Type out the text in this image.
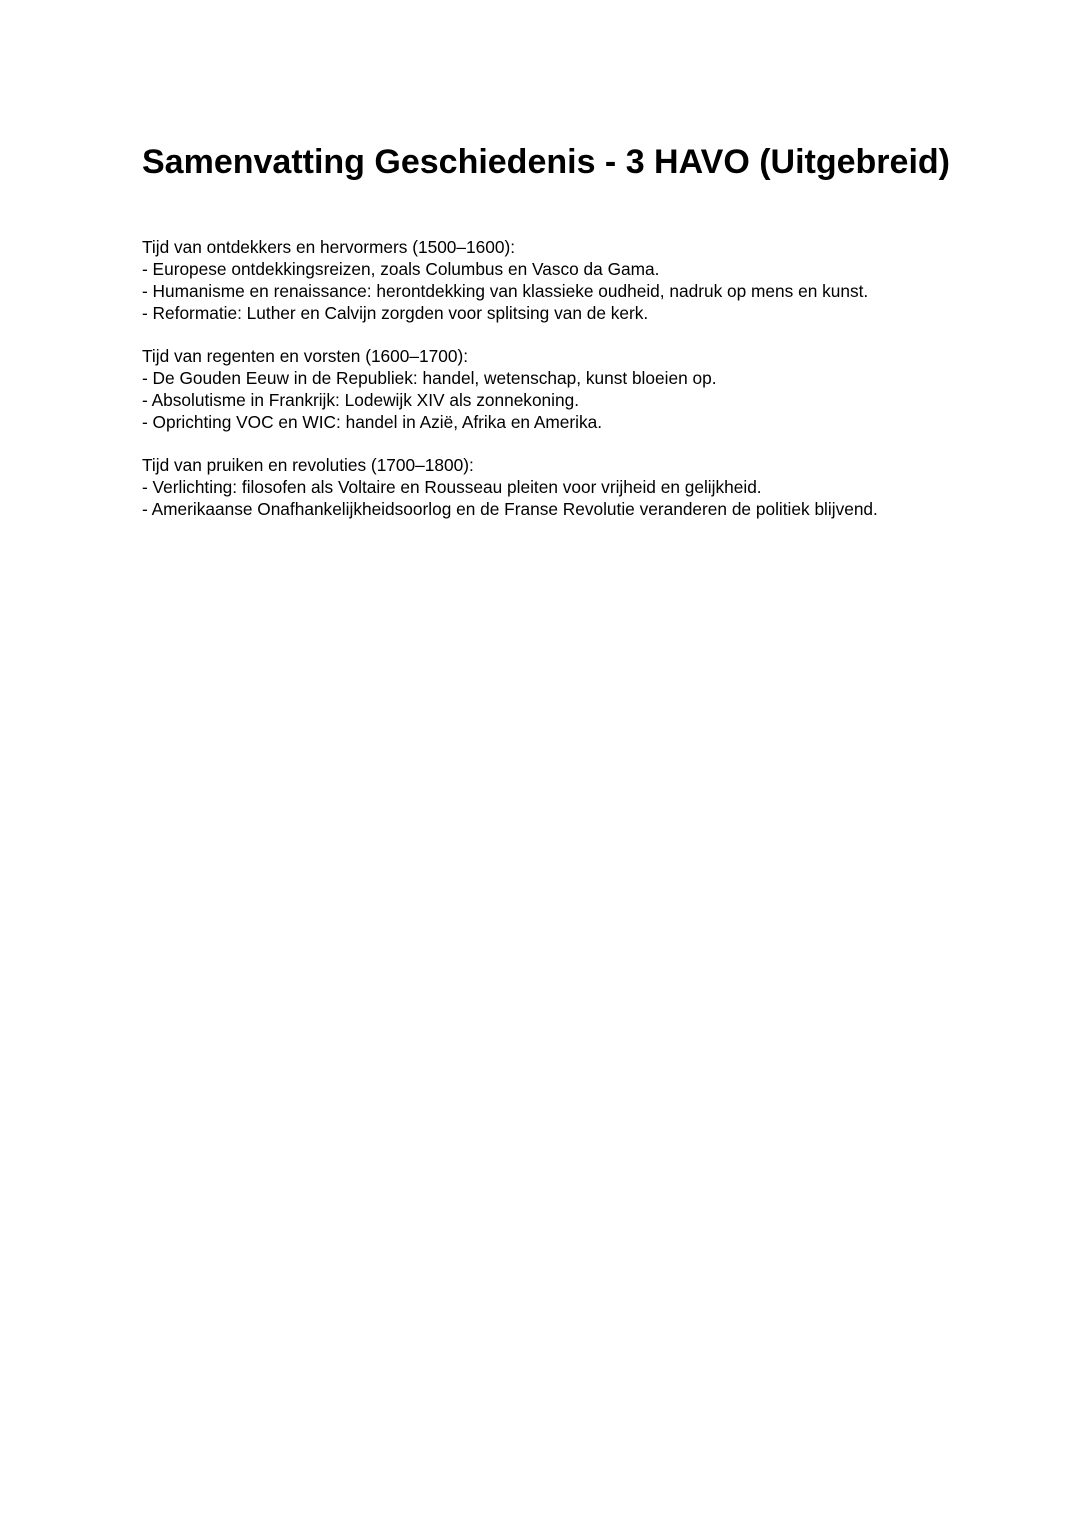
Samenvatting Geschiedenis - 3 HAVO (Uitgebreid)
Tijd van ontdekkers en hervormers (1500–1600):
- Europese ontdekkingsreizen, zoals Columbus en Vasco da Gama.
- Humanisme en renaissance: herontdekking van klassieke oudheid, nadruk op mens en kunst.
- Reformatie: Luther en Calvijn zorgden voor splitsing van de kerk.
Tijd van regenten en vorsten (1600–1700):
- De Gouden Eeuw in de Republiek: handel, wetenschap, kunst bloeien op.
- Absolutisme in Frankrijk: Lodewijk XIV als zonnekoning.
- Oprichting VOC en WIC: handel in Azië, Afrika en Amerika.
Tijd van pruiken en revoluties (1700–1800):
- Verlichting: filosofen als Voltaire en Rousseau pleiten voor vrijheid en gelijkheid.
- Amerikaanse Onafhankelijkheidsoorlog en de Franse Revolutie veranderen de politiek blijvend.
